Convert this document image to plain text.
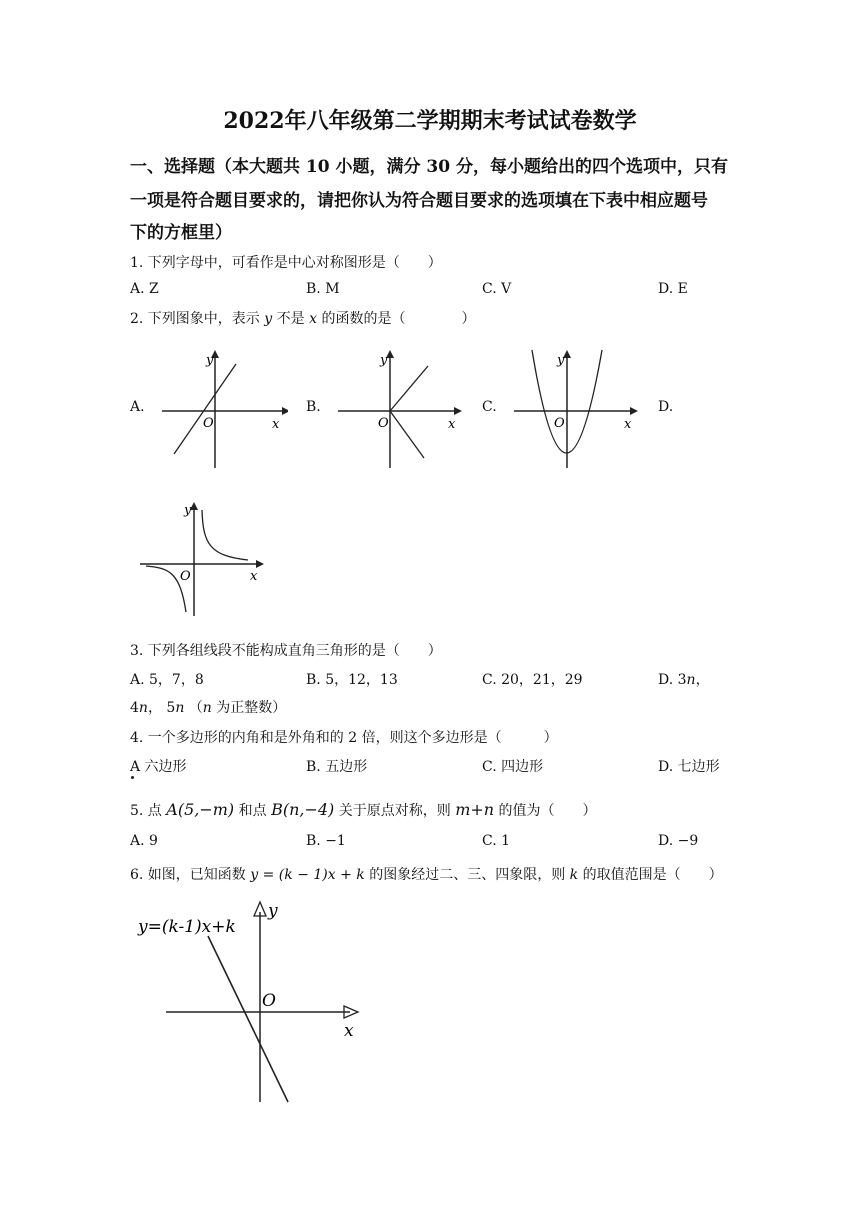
2022年八年级第二学期期末考试试卷数学
一、选择题（本大题共 10 小题，满分 30 分，每小题给出的四个选项中，只有
一项是符合题目要求的，请把你认为符合题目要求的选项填在下表中相应题号
下的方框里）
1. 下列字母中，可看作是中心对称图形是（　　）
A. Z	B. M	C. V	D. E
2. 下列图象中，表示 y 不是 x 的函数的是（　　　　）
A.	B.	C.	D.
y
x
O
y
x
O
y
x
O
y
x
O
3. 下列各组线段不能构成直角三角形的是（　　）
A. 5，7，8	B. 5，12，13	C. 20，21，29	D. 3n，
4n， 5n （n 为正整数）
4. 一个多边形的内角和是外角和的 2 倍，则这个多边形是（　　　）
A 六边形	B. 五边形	C. 四边形	D. 七边形
5. 点 A(5,−m) 和点 B(n,−4) 关于原点对称，则 m+n 的值为（　　）
A. 9	B. −1	C. 1	D. −9
6. 如图，已知函数 y = (k − 1)x + k 的图象经过二、三、四象限，则 k 的取值范围是（　　）
y=(k-1)x+k
y
x
O
